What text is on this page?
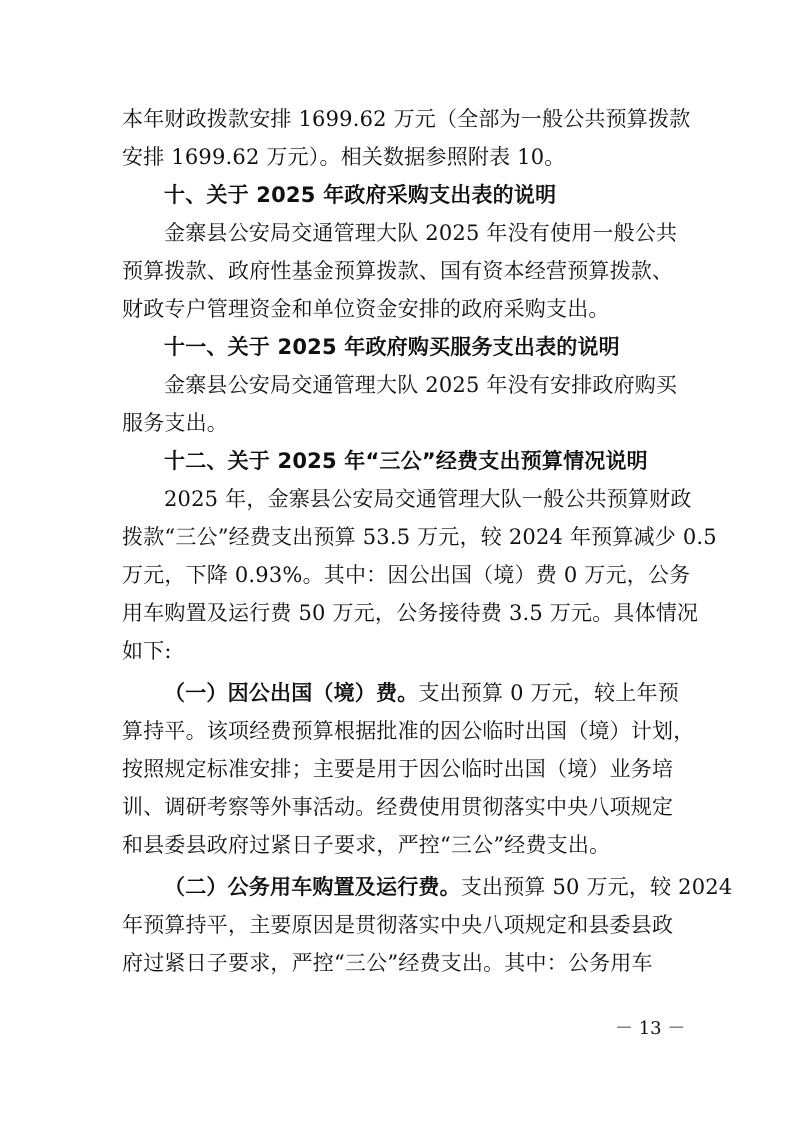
本年财政拨款安排 1699.62 万元（全部为一般公共预算拨款
安排 1699.62 万元）。相关数据参照附表 10。
十、关于 2025 年政府采购支出表的说明
金寨县公安局交通管理大队 2025 年没有使用一般公共
预算拨款、政府性基金预算拨款、国有资本经营预算拨款、
财政专户管理资金和单位资金安排的政府采购支出。
十一、关于 2025 年政府购买服务支出表的说明
金寨县公安局交通管理大队 2025 年没有安排政府购买
服务支出。
十二、关于 2025 年“三公”经费支出预算情况说明
2025 年，金寨县公安局交通管理大队一般公共预算财政
拨款“三公”经费支出预算 53.5 万元，较 2024 年预算减少 0.5
万元，下降 0.93%。其中：因公出国（境）费 0 万元，公务
用车购置及运行费 50 万元，公务接待费 3.5 万元。具体情况
如下:
（一）因公出国（境）费。支出预算 0 万元，较上年预
算持平。该项经费预算根据批准的因公临时出国（境）计划，
按照规定标准安排；主要是用于因公临时出国（境）业务培
训、调研考察等外事活动。经费使用贯彻落实中央八项规定
和县委县政府过紧日子要求，严控“三公”经费支出。
（二）公务用车购置及运行费。支出预算 50 万元，较 2024
年预算持平，主要原因是贯彻落实中央八项规定和县委县政
府过紧日子要求，严控“三公”经费支出。其中：公务用车
－ 13 －
